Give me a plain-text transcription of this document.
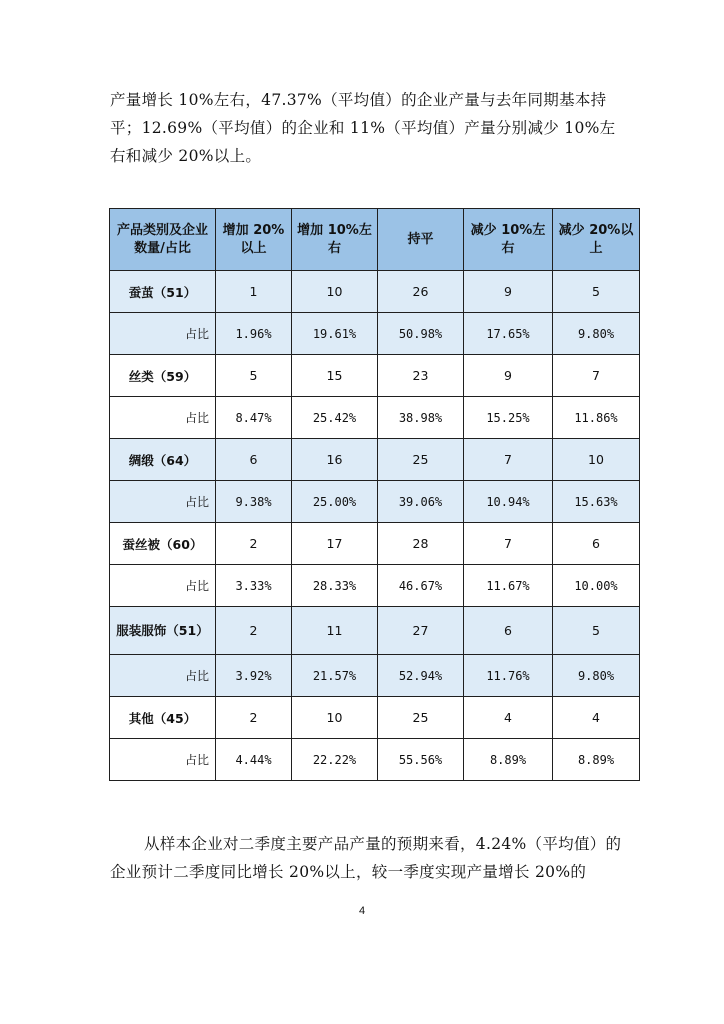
产量增长 10%左右，47.37%（平均值）的企业产量与去年同期基本持平；12.69%（平均值）的企业和 11%（平均值）产量分别减少 10%左右和减少 20%以上。

产品类别及企业数量/占比	增加 20%以上	增加 10%左右	持平	减少 10%左右	减少 20%以上
蚕茧（51）	1	10	26	9	5
占比	1.96%	19.61%	50.98%	17.65%	9.80%
丝类（59）	5	15	23	9	7
占比	8.47%	25.42%	38.98%	15.25%	11.86%
绸缎（64）	6	16	25	7	10
占比	9.38%	25.00%	39.06%	10.94%	15.63%
蚕丝被（60）	2	17	28	7	6
占比	3.33%	28.33%	46.67%	11.67%	10.00%
服装服饰（51）	2	11	27	6	5
占比	3.92%	21.57%	52.94%	11.76%	9.80%
其他（45）	2	10	25	4	4
占比	4.44%	22.22%	55.56%	8.89%	8.89%

从样本企业对二季度主要产品产量的预期来看，4.24%（平均值）的企业预计二季度同比增长 20%以上，较一季度实现产量增长 20%的

4
